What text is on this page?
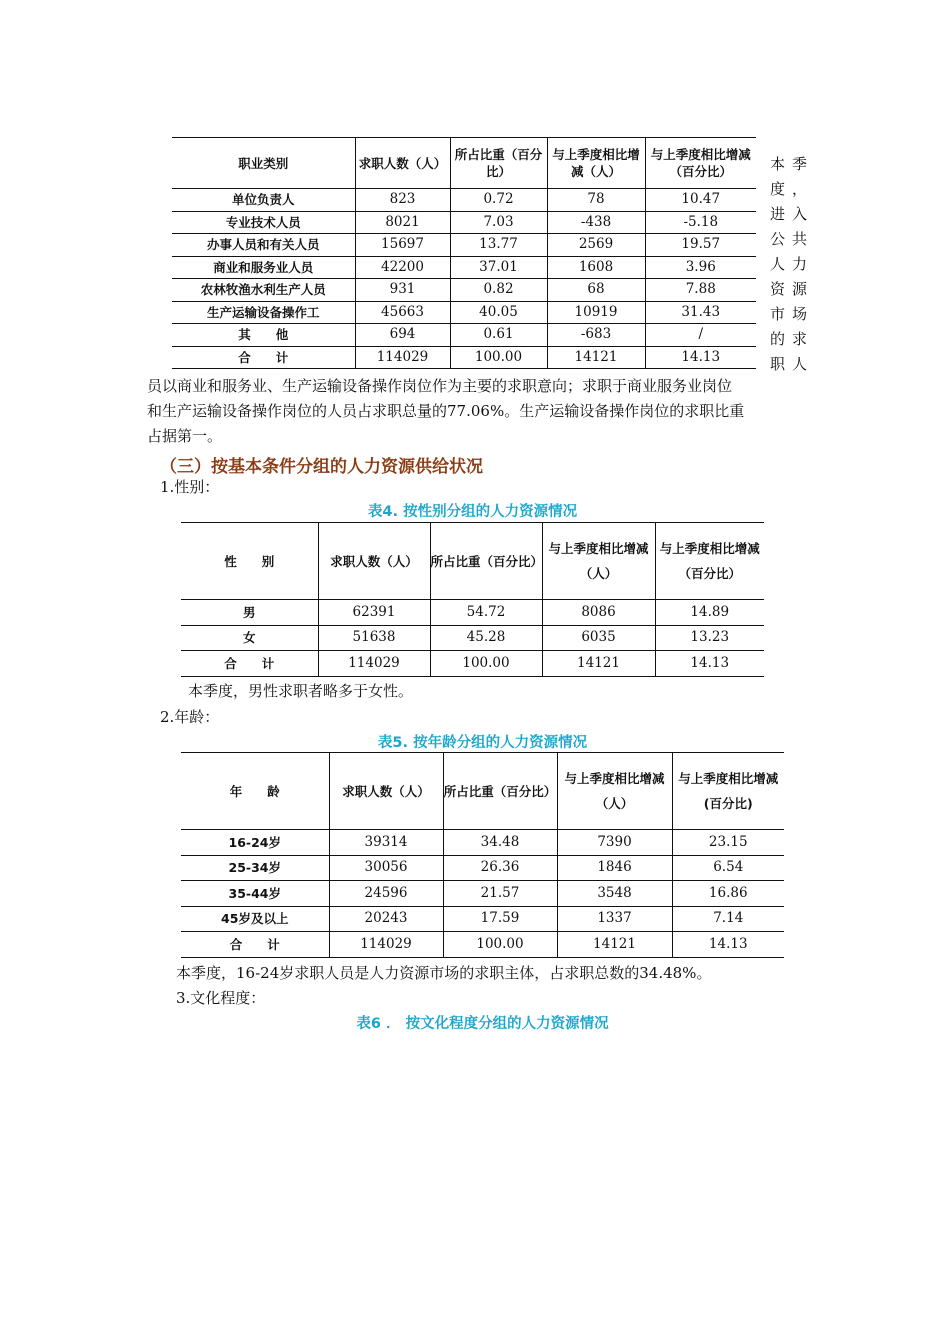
职业类别	求职人数（人）	所占比重（百分比）	与上季度相比增减（人）	与上季度相比增减 （百分比）
单位负责人	823	0.72	78	10.47
专业技术人员	8021	7.03	-438	-5.18
办事人员和有关人员	15697	13.77	2569	19.57
商业和服务业人员	42200	37.01	1608	3.96
农林牧渔水利生产人员	931	0.82	68	7.88
生产运输设备操作工	45663	40.05	10919	31.43
其　　他	694	0.61	-683	/
合　　计	114029	100.00	14121	14.13
本季度，进入公共人力资源市场的求职人
员以商业和服务业、生产运输设备操作岗位作为主要的求职意向；求职于商业服务业岗位
和生产运输设备操作岗位的人员占求职总量的77.06%。生产运输设备操作岗位的求职比重
占据第一。
（三）按基本条件分组的人力资源供给状况
1.性别：
表4. 按性别分组的人力资源情况
性　　别	求职人数（人）	所占比重（百分比）	与上季度相比增减（人）	与上季度相比增减（百分比）
男	62391	54.72	8086	14.89
女	51638	45.28	6035	13.23
合　　计	114029	100.00	14121	14.13
本季度，男性求职者略多于女性。
2.年龄：
表5. 按年龄分组的人力资源情况
年　　龄	求职人数（人）	所占比重（百分比）	与上季度相比增减（人）	与上季度相比增减(百分比)
16-24岁	39314	34.48	7390	23.15
25-34岁	30056	26.36	1846	6.54
35-44岁	24596	21.57	3548	16.86
45岁及以上	20243	17.59	1337	7.14
合　　计	114029	100.00	14121	14.13
本季度，16-24岁求职人员是人力资源市场的求职主体，占求职总数的34.48%。
3.文化程度：
表6 ． 按文化程度分组的人力资源情况
